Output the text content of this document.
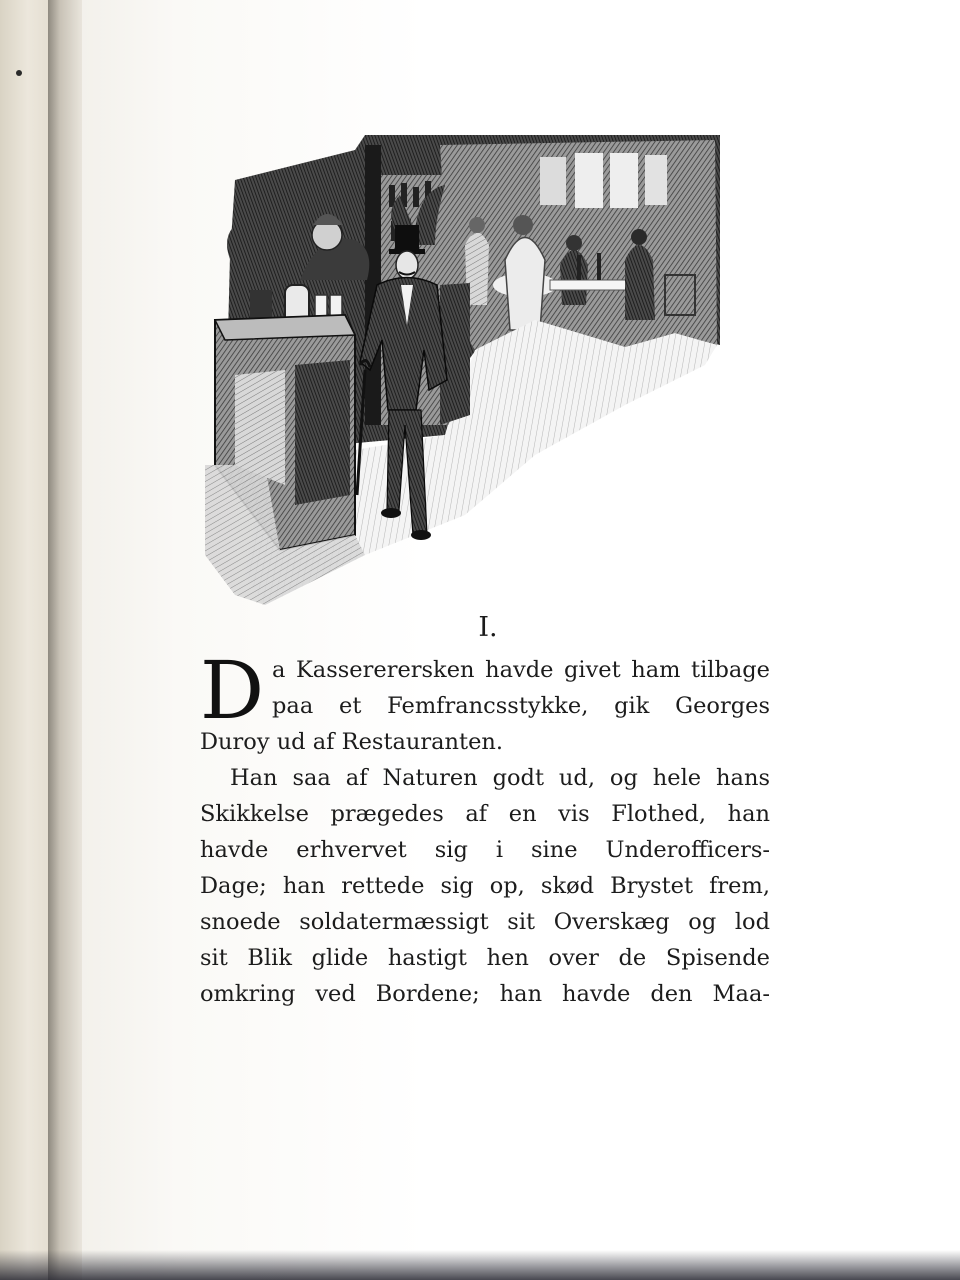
I.
D a Kassererersken havde givet ham tilbage
paa et Femfrancsstykke, gik Georges
Duroy ud af Restauranten.
Han saa af Naturen godt ud, og hele hans
Skikkelse prægedes af en vis Flothed, han
havde erhvervet sig i sine Underofficers-
Dage; han rettede sig op, skød Brystet frem,
snoede soldatermæssigt sit Overskæg og lod
sit Blik glide hastigt hen over de Spisende
omkring ved Bordene; han havde den Maa-
